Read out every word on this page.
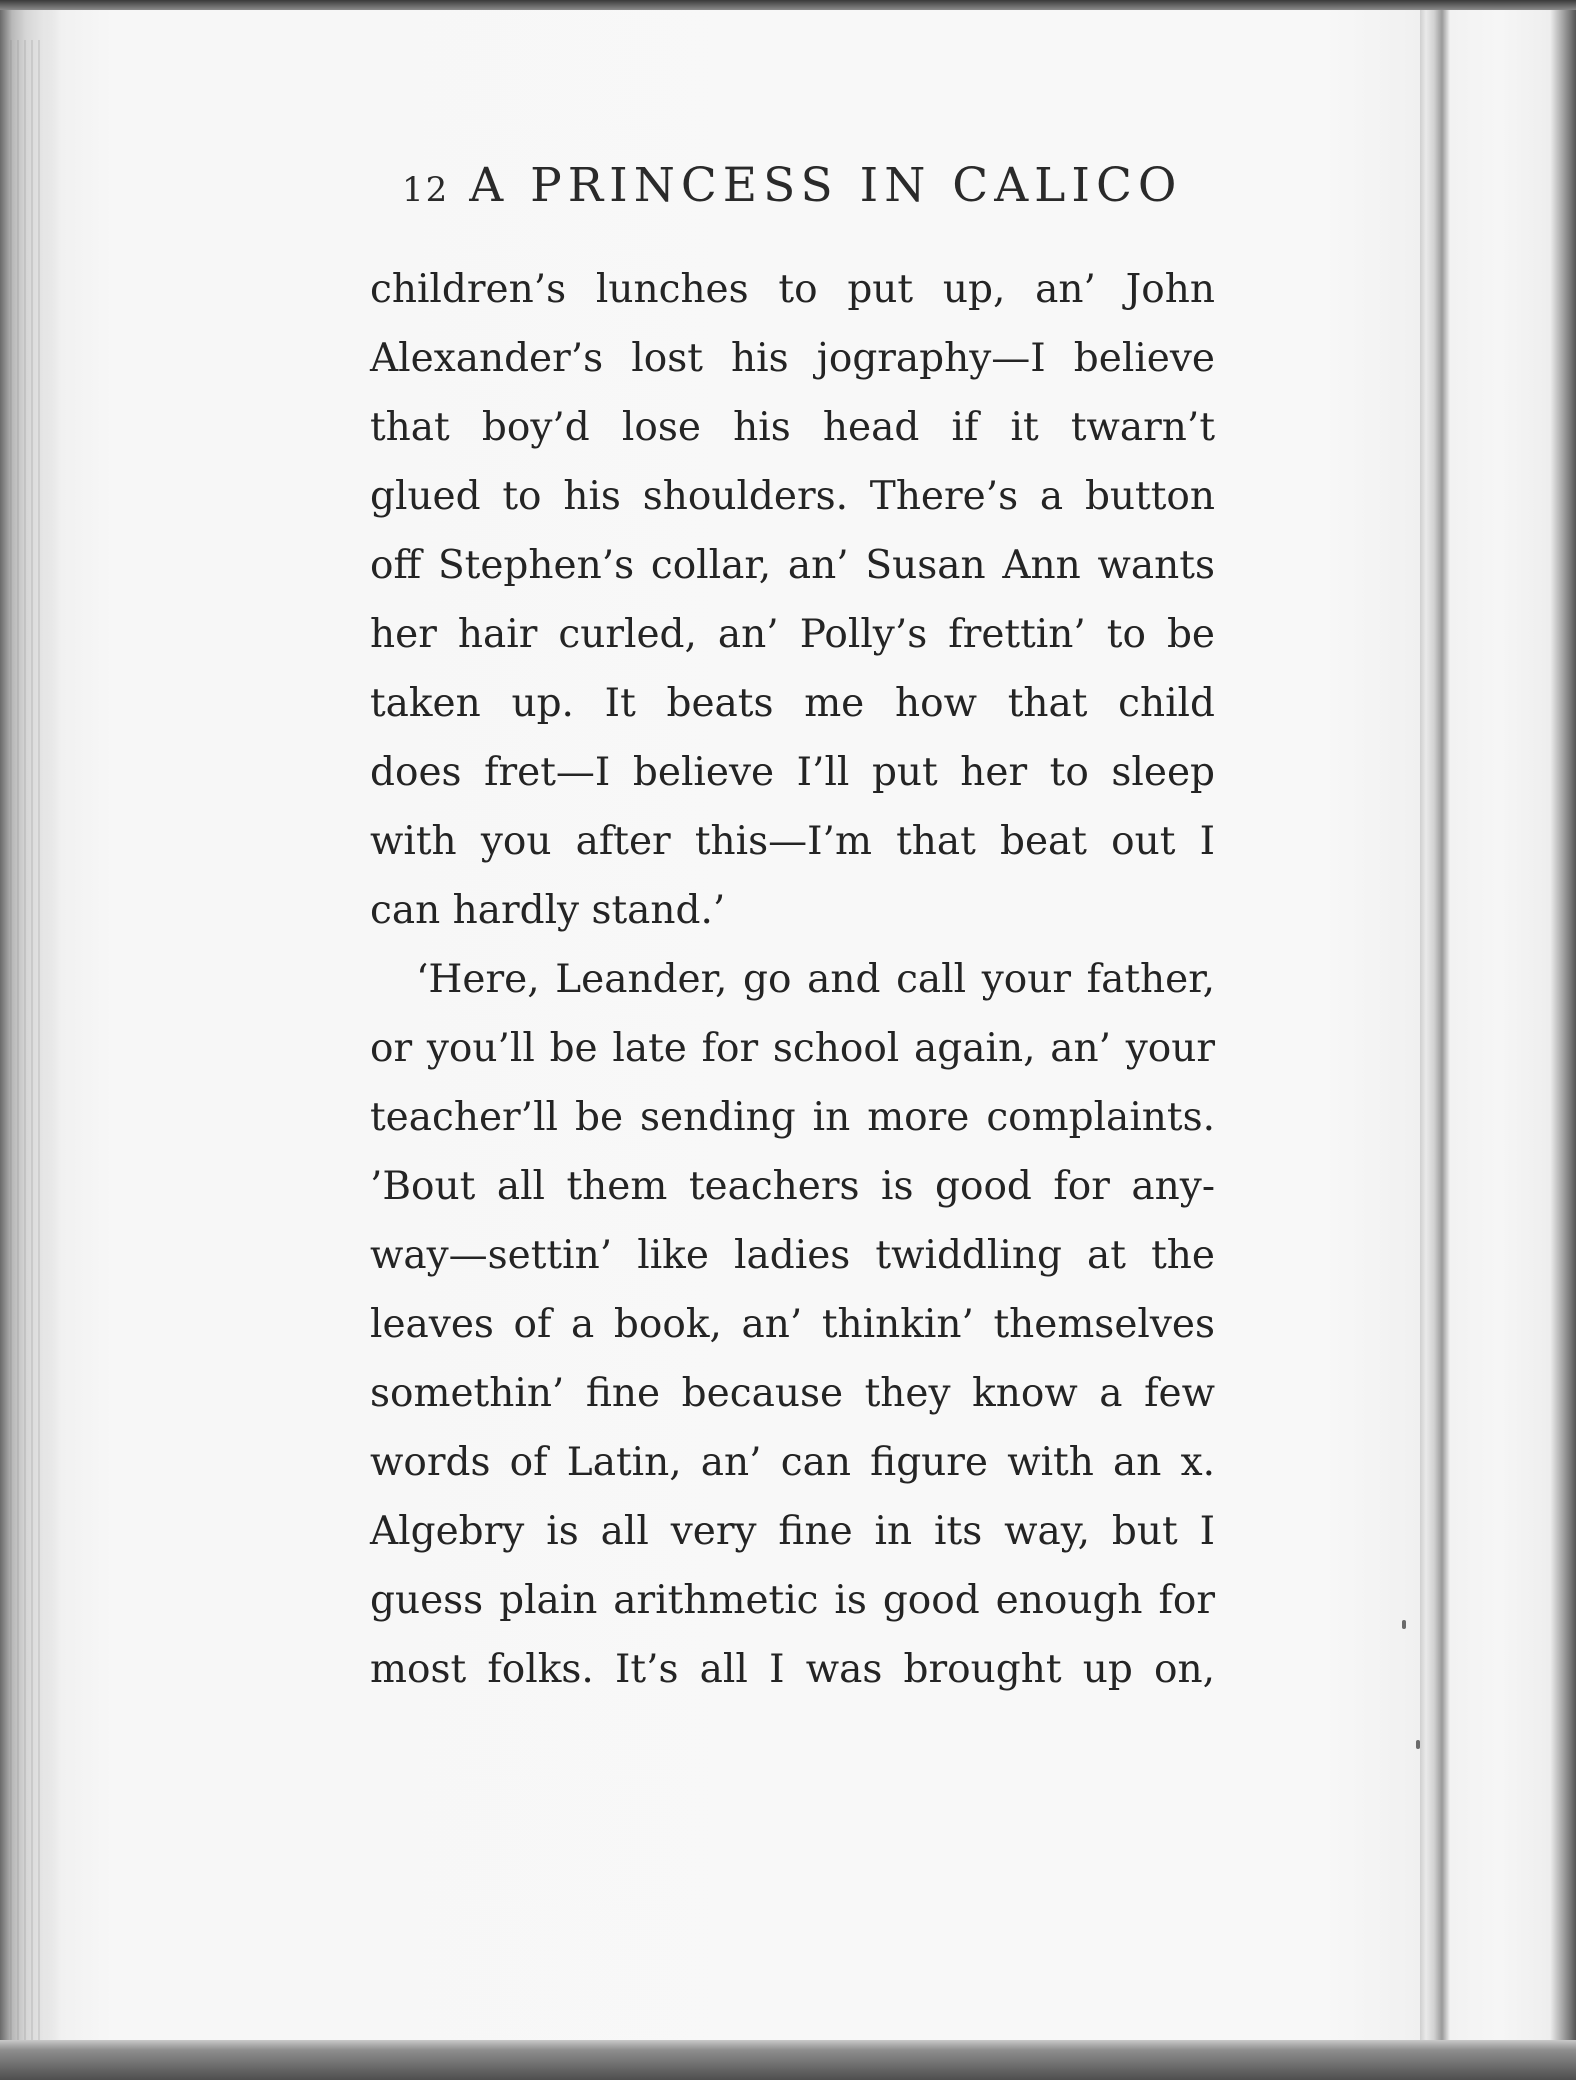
12 A PRINCESS IN CALICO
children’s lunches to put up, an’ John
Alexander’s lost his jography—I believe
that boy’d lose his head if it twarn’t
glued to his shoulders. There’s a button
off Stephen’s collar, an’ Susan Ann wants
her hair curled, an’ Polly’s frettin’ to be
taken up. It beats me how that child
does fret—I believe I’ll put her to sleep
with you after this—I’m that beat out I
can hardly stand.’
‘Here, Leander, go and call your father,
or you’ll be late for school again, an’ your
teacher’ll be sending in more complaints.
’Bout all them teachers is good for any-
way—settin’ like ladies twiddling at the
leaves of a book, an’ thinkin’ themselves
somethin’ fine because they know a few
words of Latin, an’ can figure with an x.
Algebry is all very fine in its way, but I
guess plain arithmetic is good enough for
most folks. It’s all I was brought up on,
